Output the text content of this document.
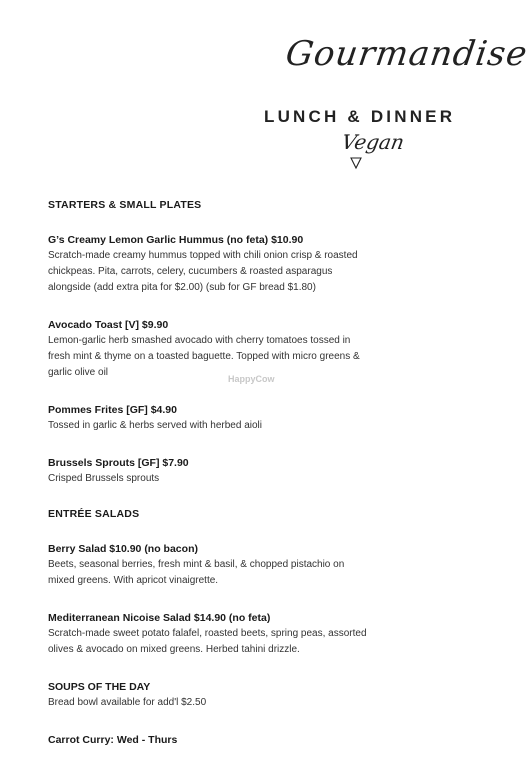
Gourmandise
LUNCH & DINNER
Vegan
STARTERS & SMALL PLATES
G’s Creamy Lemon Garlic Hummus (no feta) $10.90
Scratch-made creamy hummus topped with chili onion crisp & roasted chickpeas. Pita, carrots, celery, cucumbers & roasted asparagus alongside (add extra pita for $2.00) (sub for GF bread $1.80)
Avocado Toast [V] $9.90
Lemon-garlic herb smashed avocado with cherry tomatoes tossed in fresh mint & thyme on a toasted baguette. Topped with micro greens & garlic olive oil
Pommes Frites [GF] $4.90
Tossed in garlic & herbs served with herbed aioli
Brussels Sprouts [GF] $7.90
Crisped Brussels sprouts
ENTRÉE SALADS
Berry Salad $10.90 (no bacon)
Beets, seasonal berries, fresh mint & basil, & chopped pistachio on mixed greens. With apricot vinaigrette.
Mediterranean Nicoise Salad $14.90 (no feta)
Scratch-made sweet potato falafel, roasted beets, spring peas, assorted olives & avocado on mixed greens. Herbed tahini drizzle.
SOUPS OF THE DAY
Bread bowl available for add'l $2.50
Carrot Curry: Wed - Thurs
HappyCow
